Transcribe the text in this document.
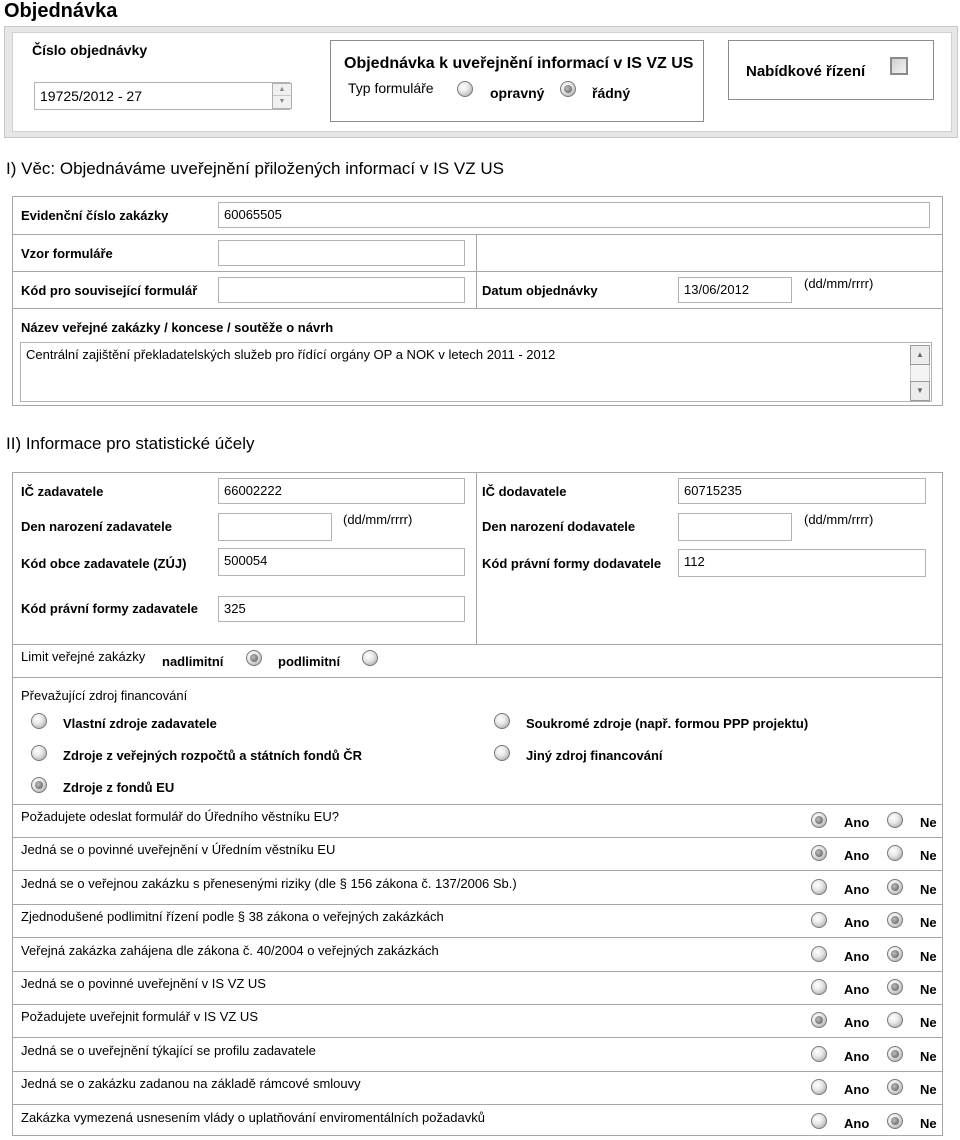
Objednávka
Číslo objednávky
19725/2012 - 27	▲
▼
Objednávka k uveřejnění informací v IS VZ US
Typ formuláře	opravný	řádný
Nabídkové řízení
I) Věc: Objednáváme uveřejnění přiložených informací v IS VZ US
Evidenční číslo zakázky	60065505
Vzor formuláře
Kód pro související formulář	Datum objednávky	13/06/2012	(dd/mm/rrrr)
Název veřejné zakázky / koncese / soutěže o návrh
Centrální zajištění překladatelských služeb pro řídící orgány OP a NOK v letech 2011 - 2012	▲
▼
II) Informace pro statistické účely
IČ zadavatele	66002222	IČ dodavatele	60715235
Den narození zadavatele	(dd/mm/rrrr)	Den narození dodavatele	(dd/mm/rrrr)
Kód obce zadavatele (ZÚJ)	500054	Kód právní formy dodavatele	112
Kód právní formy zadavatele	325
Limit veřejné zakázky nadlimitní	podlimitní
Převažující zdroj financování
Vlastní zdroje zadavatele	Soukromé zdroje (např. formou PPP projektu)
Zdroje z veřejných rozpočtů a státních fondů ČR	Jiný zdroj financování
Zdroje z fondů EU
Požadujete odeslat formulář do Úředního věstníku EU?	Ano	Ne
Jedná se o povinné uveřejnění v Úředním věstníku EU	Ano	Ne
Jedná se o veřejnou zakázku s přenesenými riziky (dle § 156 zákona č. 137/2006 Sb.)	Ano	Ne
Zjednodušené podlimitní řízení podle § 38 zákona o veřejných zakázkách	Ano	Ne
Veřejná zakázka zahájena dle zákona č. 40/2004 o veřejných zakázkách	Ano	Ne
Jedná se o povinné uveřejnění v IS VZ US	Ano	Ne
Požadujete uveřejnit formulář v IS VZ US	Ano	Ne
Jedná se o uveřejnění týkající se profilu zadavatele	Ano	Ne
Jedná se o zakázku zadanou na základě rámcové smlouvy	Ano	Ne
Zakázka vymezená usnesením vlády o uplatňování enviromentálních požadavků	Ano	Ne
